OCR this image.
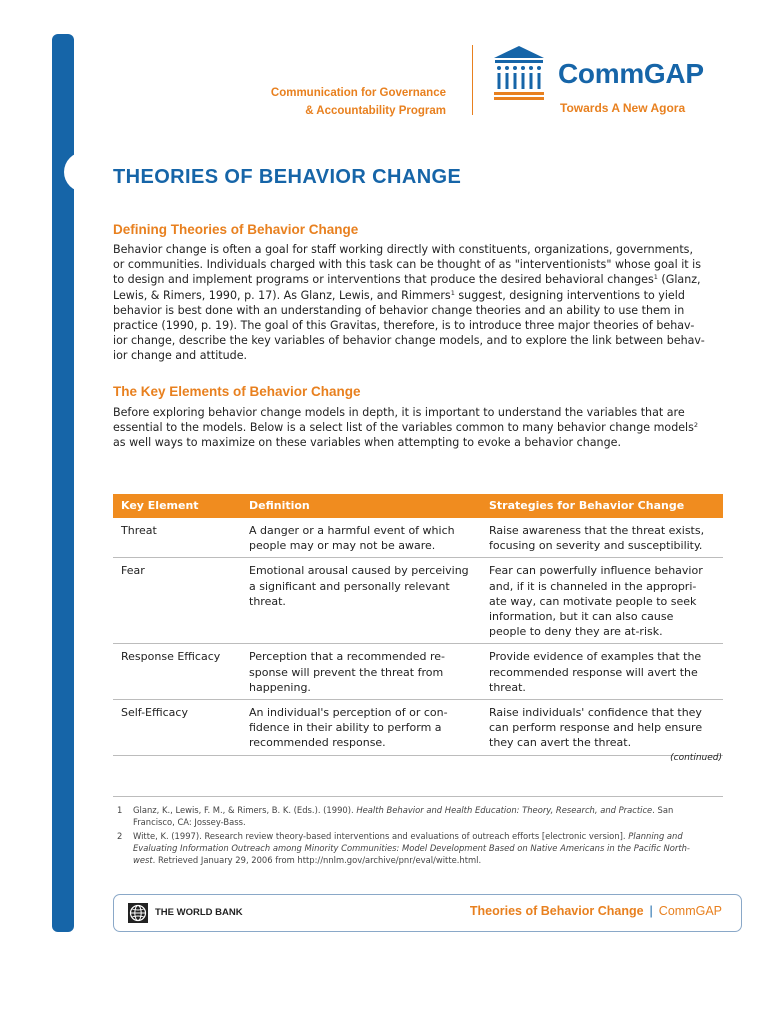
Communication for Governance
& Accountability Program
CommGAP
Towards A New Agora
THEORIES OF BEHAVIOR CHANGE
Defining Theories of Behavior Change
Behavior change is often a goal for staff working directly with constituents, organizations, governments,
or communities. Individuals charged with this task can be thought of as "interventionists" whose goal it is
to design and implement programs or interventions that produce the desired behavioral changes$^1$ (Glanz,
Lewis, & Rimers, 1990, p. 17). As Glanz, Lewis, and Rimmers$^1$ suggest, designing interventions to yield
behavior is best done with an understanding of behavior change theories and an ability to use them in
practice (1990, p. 19). The goal of this Gravitas, therefore, is to introduce three major theories of behav-
ior change, describe the key variables of behavior change models, and to explore the link between behav-
ior change and attitude.
The Key Elements of Behavior Change
Before exploring behavior change models in depth, it is important to understand the variables that are
essential to the models. Below is a select list of the variables common to many behavior change models$^2$
as well ways to maximize on these variables when attempting to evoke a behavior change.
Key Element	Definition	Strategies for Behavior Change
Threat	A danger or a harmful event of which
people may or may not be aware.	Raise awareness that the threat exists,
focusing on severity and susceptibility.

Fear	Emotional arousal caused by perceiving
a significant and personally relevant
threat.	Fear can powerfully influence behavior
and, if it is channeled in the appropri-
ate way, can motivate people to seek
information, but it can also cause
people to deny they are at-risk.

Response Efficacy	Perception that a recommended re-
sponse will prevent the threat from
happening.	Provide evidence of examples that the
recommended response will avert the
threat.

Self-Efficacy	An individual's perception of or con-
fidence in their ability to perform a
recommended response.	Raise individuals' confidence that they
can perform response and help ensure
they can avert the threat.
(continued)
1 Glanz, K., Lewis, F. M., & Rimers, B. K. (Eds.). (1990). Health Behavior and Health Education: Theory, Research, and Practice. San
Francisco, CA: Jossey-Bass.
2 Witte, K. (1997). Research review theory-based interventions and evaluations of outreach efforts [electronic version]. Planning and
Evaluating Information Outreach among Minority Communities: Model Development Based on Native Americans in the Pacific North-
west. Retrieved January 29, 2006 from http://nnlm.gov/archive/pnr/eval/witte.html.
THE WORLD BANK	Theories of Behavior Change | CommGAP
